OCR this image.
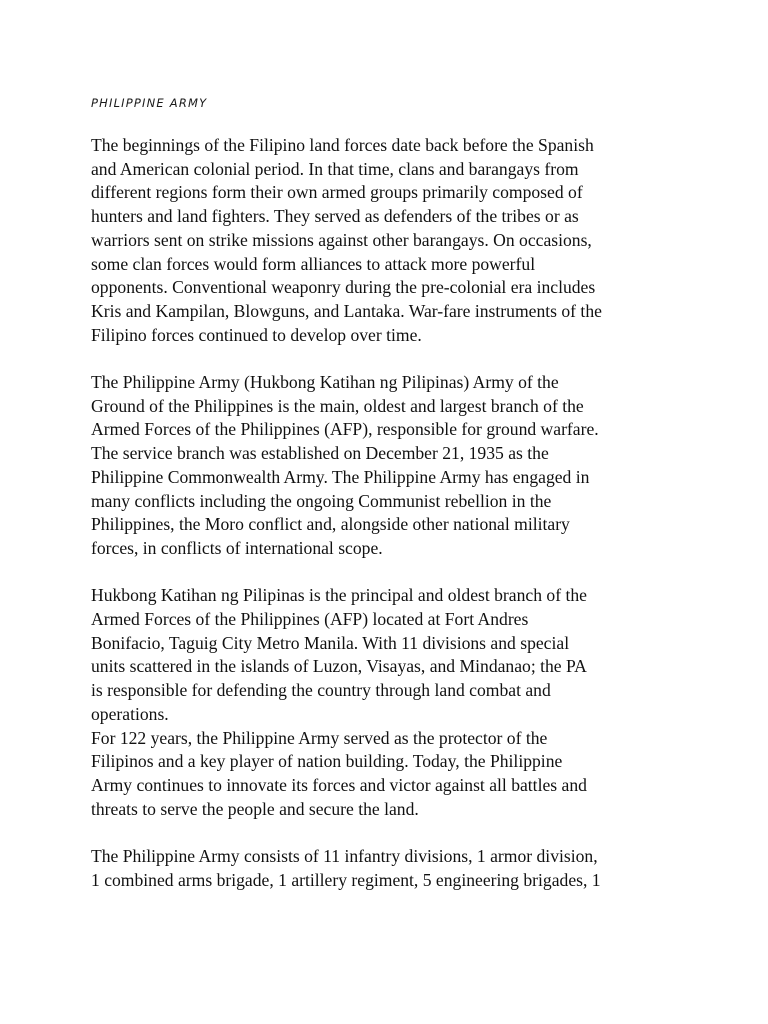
PHILIPPINE ARMY
The beginnings of the Filipino land forces date back before the Spanish
and American colonial period. In that time, clans and barangays from
different regions form their own armed groups primarily composed of
hunters and land fighters. They served as defenders of the tribes or as
warriors sent on strike missions against other barangays. On occasions,
some clan forces would form alliances to attack more powerful
opponents. Conventional weaponry during the pre-colonial era includes
Kris and Kampilan, Blowguns, and Lantaka. War-fare instruments of the
Filipino forces continued to develop over time.
The Philippine Army (Hukbong Katihan ng Pilipinas) Army of the
Ground of the Philippines is the main, oldest and largest branch of the
Armed Forces of the Philippines (AFP), responsible for ground warfare.
The service branch was established on December 21, 1935 as the
Philippine Commonwealth Army. The Philippine Army has engaged in
many conflicts including the ongoing Communist rebellion in the
Philippines, the Moro conflict and, alongside other national military
forces, in conflicts of international scope.
Hukbong Katihan ng Pilipinas is the principal and oldest branch of the
Armed Forces of the Philippines (AFP) located at Fort Andres
Bonifacio, Taguig City Metro Manila. With 11 divisions and special
units scattered in the islands of Luzon, Visayas, and Mindanao; the PA
is responsible for defending the country through land combat and
operations.
For 122 years, the Philippine Army served as the protector of the
Filipinos and a key player of nation building. Today, the Philippine
Army continues to innovate its forces and victor against all battles and
threats to serve the people and secure the land.
The Philippine Army consists of 11 infantry divisions, 1 armor division,
1 combined arms brigade, 1 artillery regiment, 5 engineering brigades, 1
